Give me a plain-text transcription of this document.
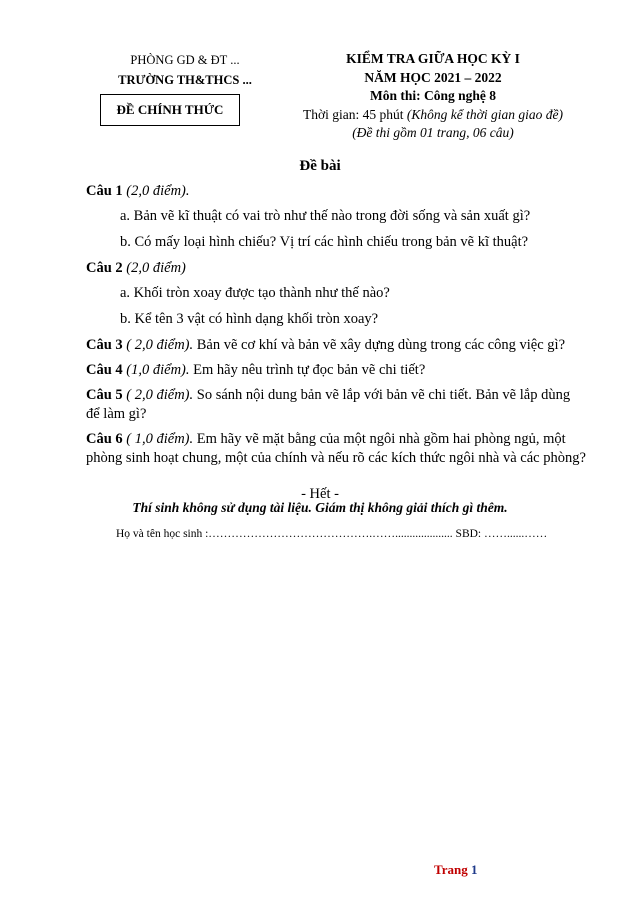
PHÒNG GD & ĐT ...
TRƯỜNG TH&THCS ...
ĐỀ CHÍNH THỨC
KIỂM TRA GIỮA HỌC KỲ I
NĂM HỌC 2021 – 2022
Môn thi: Công nghệ 8
Thời gian: 45 phút (Không kể thời gian giao đề)
(Đề thi gồm 01 trang, 06 câu)
Đề bài
Câu 1 (2,0 điểm).
a. Bản vẽ kĩ thuật có vai trò như thế nào trong đời sống và sản xuất gì?
b. Có mấy loại hình chiếu? Vị trí các hình chiếu trong bản vẽ kĩ thuật?
Câu 2 (2,0 điểm)
a. Khối tròn xoay được tạo thành như thế nào?
b. Kể tên 3 vật có hình dạng khối tròn xoay?
Câu 3 ( 2,0 điểm). Bản vẽ cơ khí và bản vẽ xây dựng dùng trong các công việc gì?
Câu 4 (1,0 điểm). Em hãy nêu trình tự đọc bản vẽ chi tiết?
Câu 5 ( 2,0 điểm). So sánh nội dung bản vẽ lắp với bản vẽ chi tiết. Bản vẽ lắp dùng để làm gì?
Câu 6 ( 1,0 điểm). Em hãy vẽ mặt bằng của một ngôi nhà gồm hai phòng ngủ, một phòng sinh hoạt chung, một của chính và nếu rõ các kích thức ngôi nhà và các phòng?
- Hết -
Thí sinh không sử dụng tài liệu. Giám thị không giải thích gì thêm.
Họ và tên học sinh :…………………………………….…….................... SBD: ……......……
Trang 1
